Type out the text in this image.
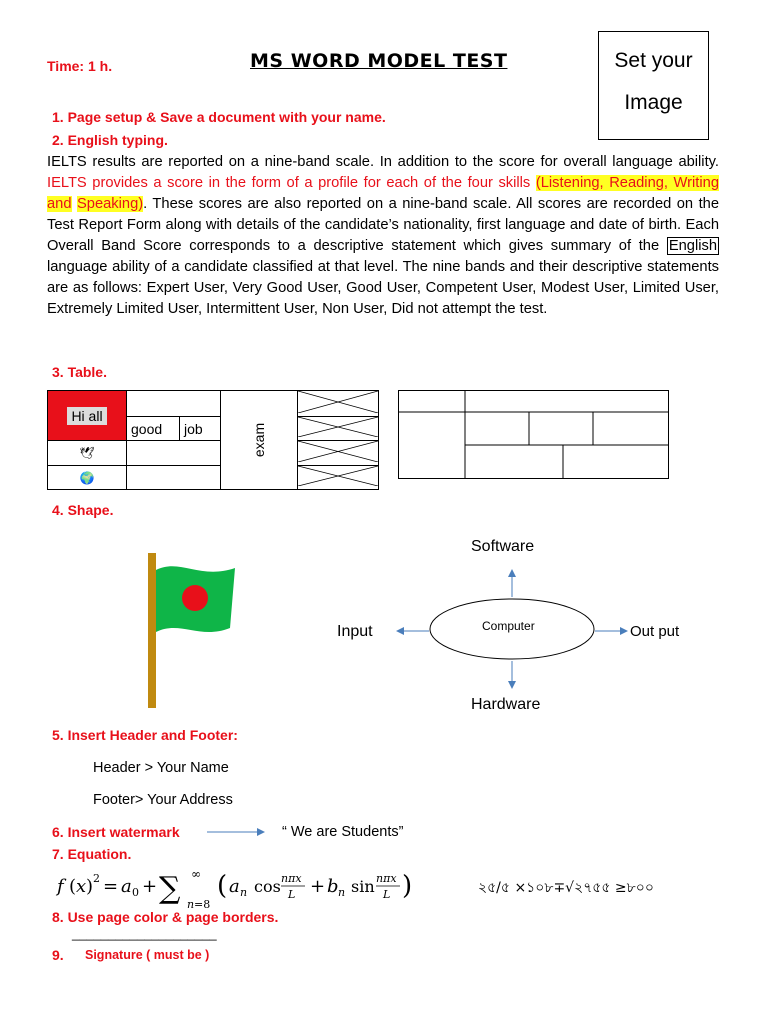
Time: 1 h.	MS WORD MODEL TEST	Set your
Image
1. Page setup & Save a document with your name.
2. English typing.
IELTS results are reported on a nine-band scale. In addition to the score for overall language ability. IELTS provides a score in the form of a profile for each of the four skills (Listening, Reading, Writing and Speaking). These scores are also reported on a nine-band scale. All scores are recorded on the Test Report Form along with details of the candidate’s nationality, first language and date of birth. Each Overall Band Score corresponds to a descriptive statement which gives summary of the English language ability of a candidate classified at that level. The nine bands and their descriptive statements are as follows: Expert User, Very Good User, Good User, Competent User, Modest User, Limited User, Extremely Limited User, Intermittent User, Non User, Did not attempt the test.
3. Table.
Hi all			exam	
	good	job	
🕊		
🌍		
4. Shape.
Software
Input	Out put
Hardware
Computer
5. Insert Header and Footer:
Header > Your Name
Footer> Your Address
6. Insert watermark	“ We are Students”
7. Equation.
f ( x ) 2 = a 0 + ∑ ∞
n =8
( a n cos nπx
L + b n sin nπx
L )	২৫/৫ ×১০৮∓√২৭৫৫ ≥৮০০
8. Use page color & page borders.
____________________
9. Signature ( must be )
